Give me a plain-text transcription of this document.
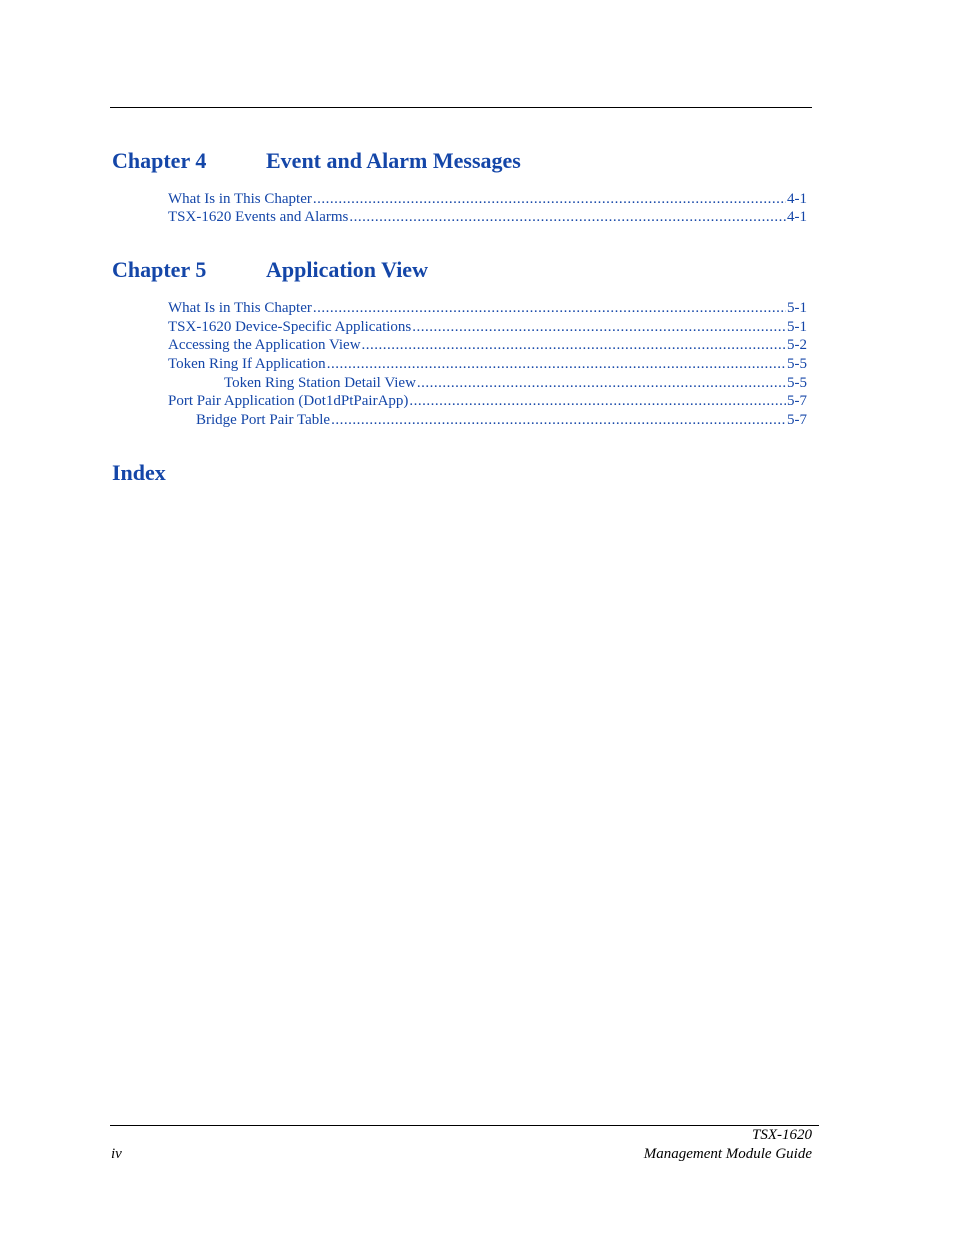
Chapter 4	Event and Alarm Messages
What Is in This Chapter .....	4-1
TSX-1620 Events and Alarms .....	4-1
Chapter 5	Application View
What Is in This Chapter .....	5-1
TSX-1620 Device-Specific Applications .....	5-1
Accessing the Application View .....	5-2
Token Ring If Application .....	5-5
Token Ring Station Detail View .....	5-5
Port Pair Application (Dot1dPtPairApp) .....	5-7
Bridge Port Pair Table .....	5-7
Index
iv
TSX-1620
Management Module Guide
